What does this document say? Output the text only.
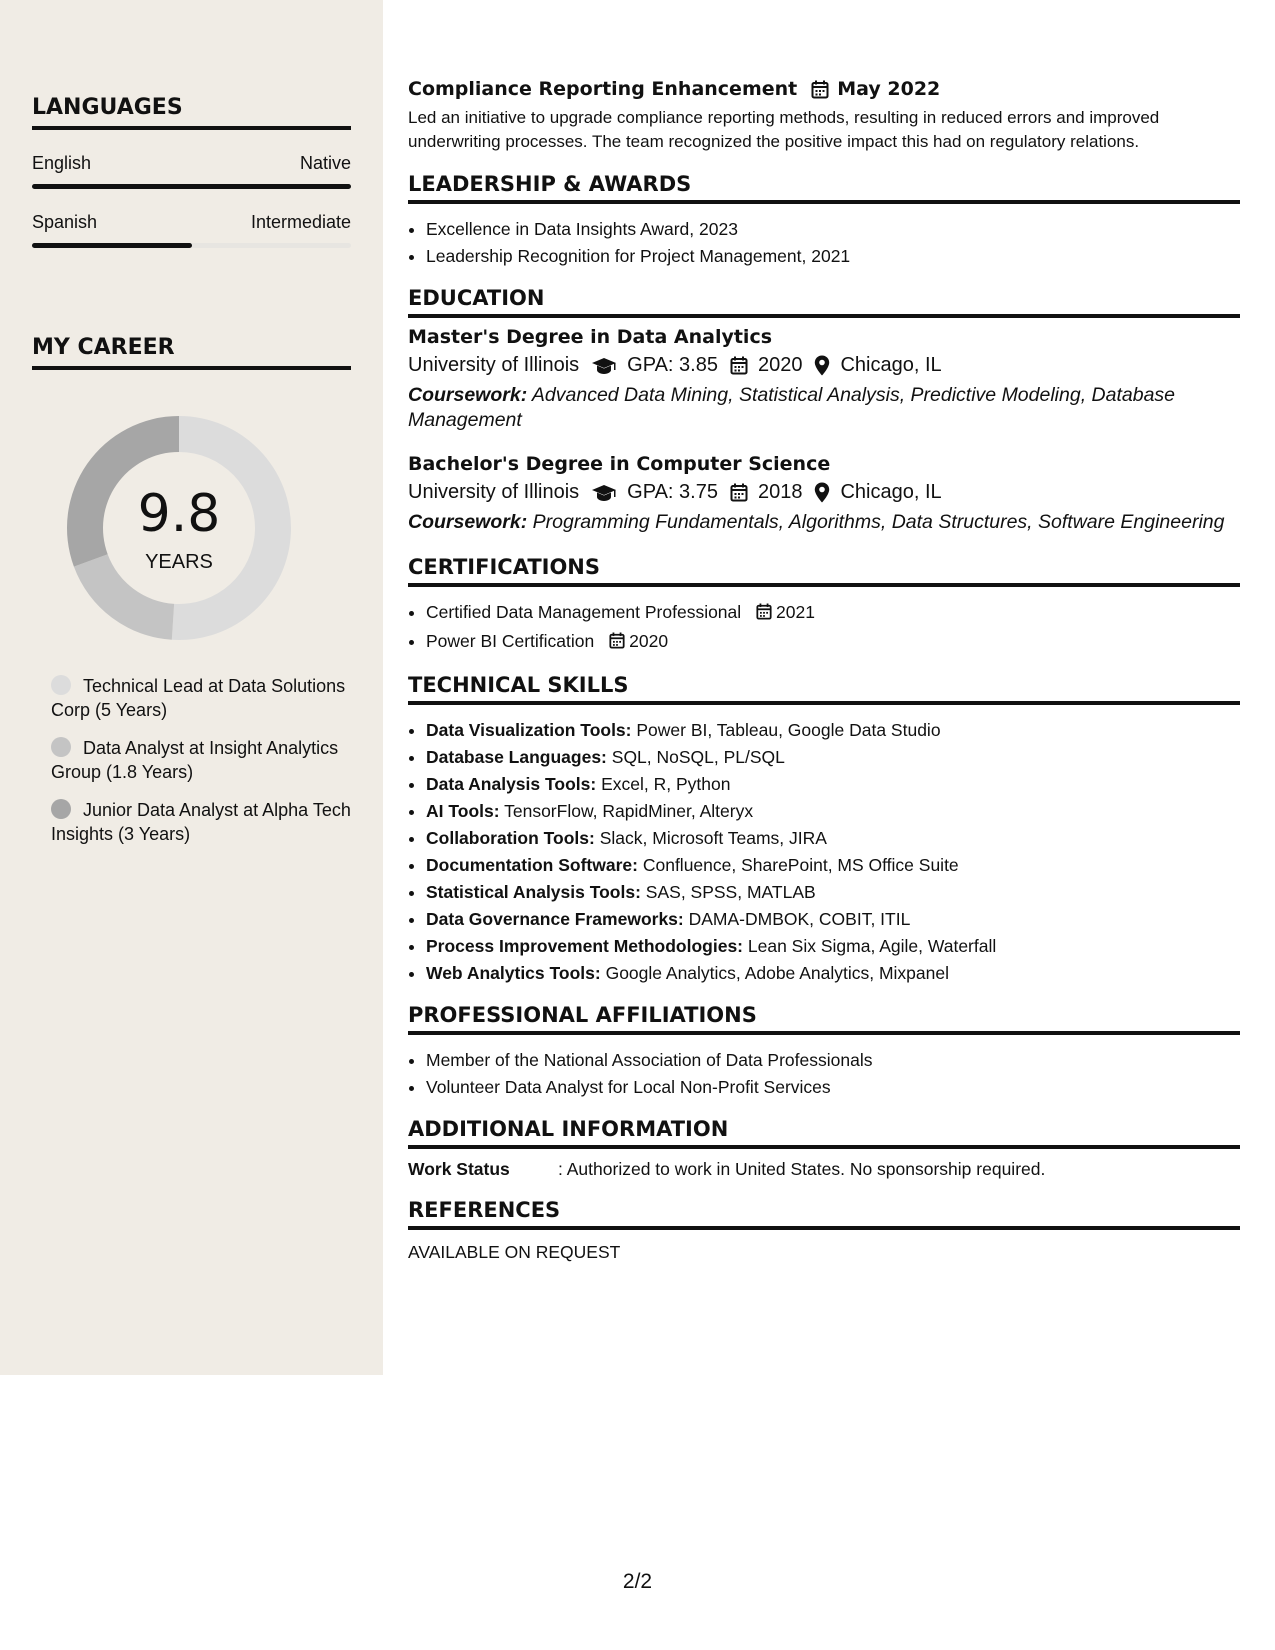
LANGUAGES
English	Native
Spanish	Intermediate
MY CAREER
9.8
YEARS
Technical Lead at Data Solutions Corp (5 Years)
Data Analyst at Insight Analytics Group (1.8 Years)
Junior Data Analyst at Alpha Tech Insights (3 Years)
Compliance Reporting Enhancement May 2022

Led an initiative to upgrade compliance reporting methods, resulting in reduced errors and improved underwriting processes. The team recognized the positive impact this had on regulatory relations.

LEADERSHIP & AWARDS
• Excellence in Data Insights Award, 2023
• Leadership Recognition for Project Management, 2021
EDUCATION
Master's Degree in Data Analytics
University of Illinois GPA: 3.85 2020 Chicago, IL
Coursework: Advanced Data Mining, Statistical Analysis, Predictive Modeling, Database Management
Bachelor's Degree in Computer Science
University of Illinois GPA: 3.75 2018 Chicago, IL
Coursework: Programming Fundamentals, Algorithms, Data Structures, Software Engineering
CERTIFICATIONS
• Certified Data Management Professional 2021
• Power BI Certification 2020
TECHNICAL SKILLS
• Data Visualization Tools: Power BI, Tableau, Google Data Studio
• Database Languages: SQL, NoSQL, PL/SQL
• Data Analysis Tools: Excel, R, Python
• AI Tools: TensorFlow, RapidMiner, Alteryx
• Collaboration Tools: Slack, Microsoft Teams, JIRA
• Documentation Software: Confluence, SharePoint, MS Office Suite
• Statistical Analysis Tools: SAS, SPSS, MATLAB
• Data Governance Frameworks: DAMA-DMBOK, COBIT, ITIL
• Process Improvement Methodologies: Lean Six Sigma, Agile, Waterfall
• Web Analytics Tools: Google Analytics, Adobe Analytics, Mixpanel
PROFESSIONAL AFFILIATIONS
• Member of the National Association of Data Professionals
• Volunteer Data Analyst for Local Non-Profit Services
ADDITIONAL INFORMATION
Work Status	: Authorized to work in United States. No sponsorship required.
REFERENCES
AVAILABLE ON REQUEST
2/2
